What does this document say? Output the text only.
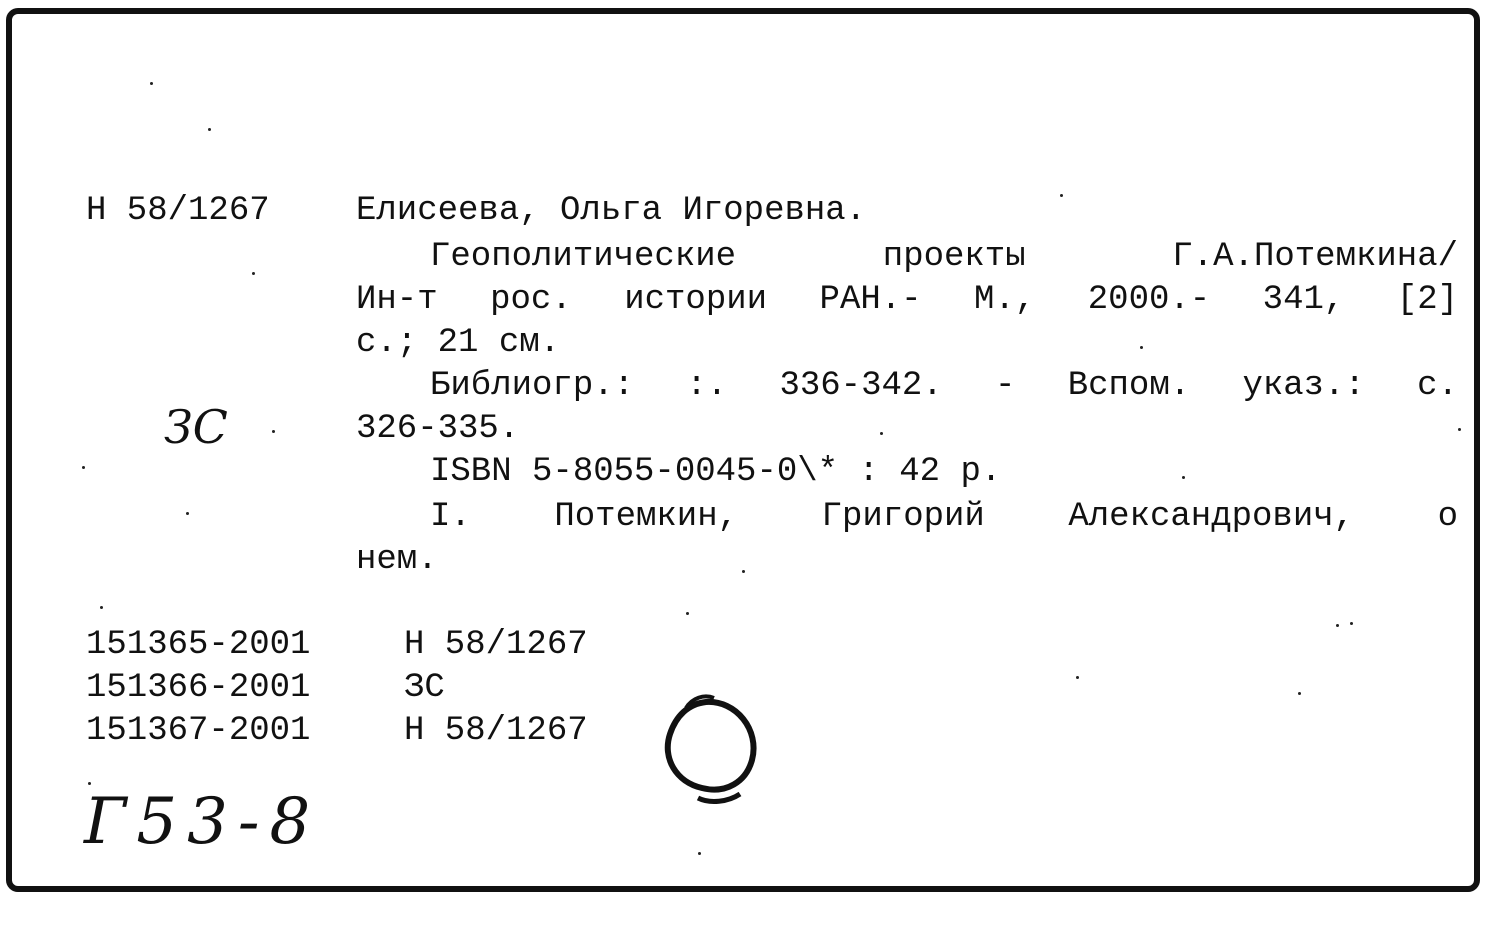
Н 58/1267	Елисеева, Ольга Игоревна.
Геополитические проекты Г.А.Потемкина/
Ин-т рос. истории РАН.- М., 2000.- 341, [2]
с.; 21 см.
Библиогр.: :. 336-342. - Вспом. указ.: с.
326-335.
ISBN 5-8055-0045-0\* : 42 р.
I. Потемкин, Григорий Александрович, о
нем.
ЗС
151365-2001	Н 58/1267
151366-2001	ЗС
151367-2001	Н 58/1267
Г53-8
